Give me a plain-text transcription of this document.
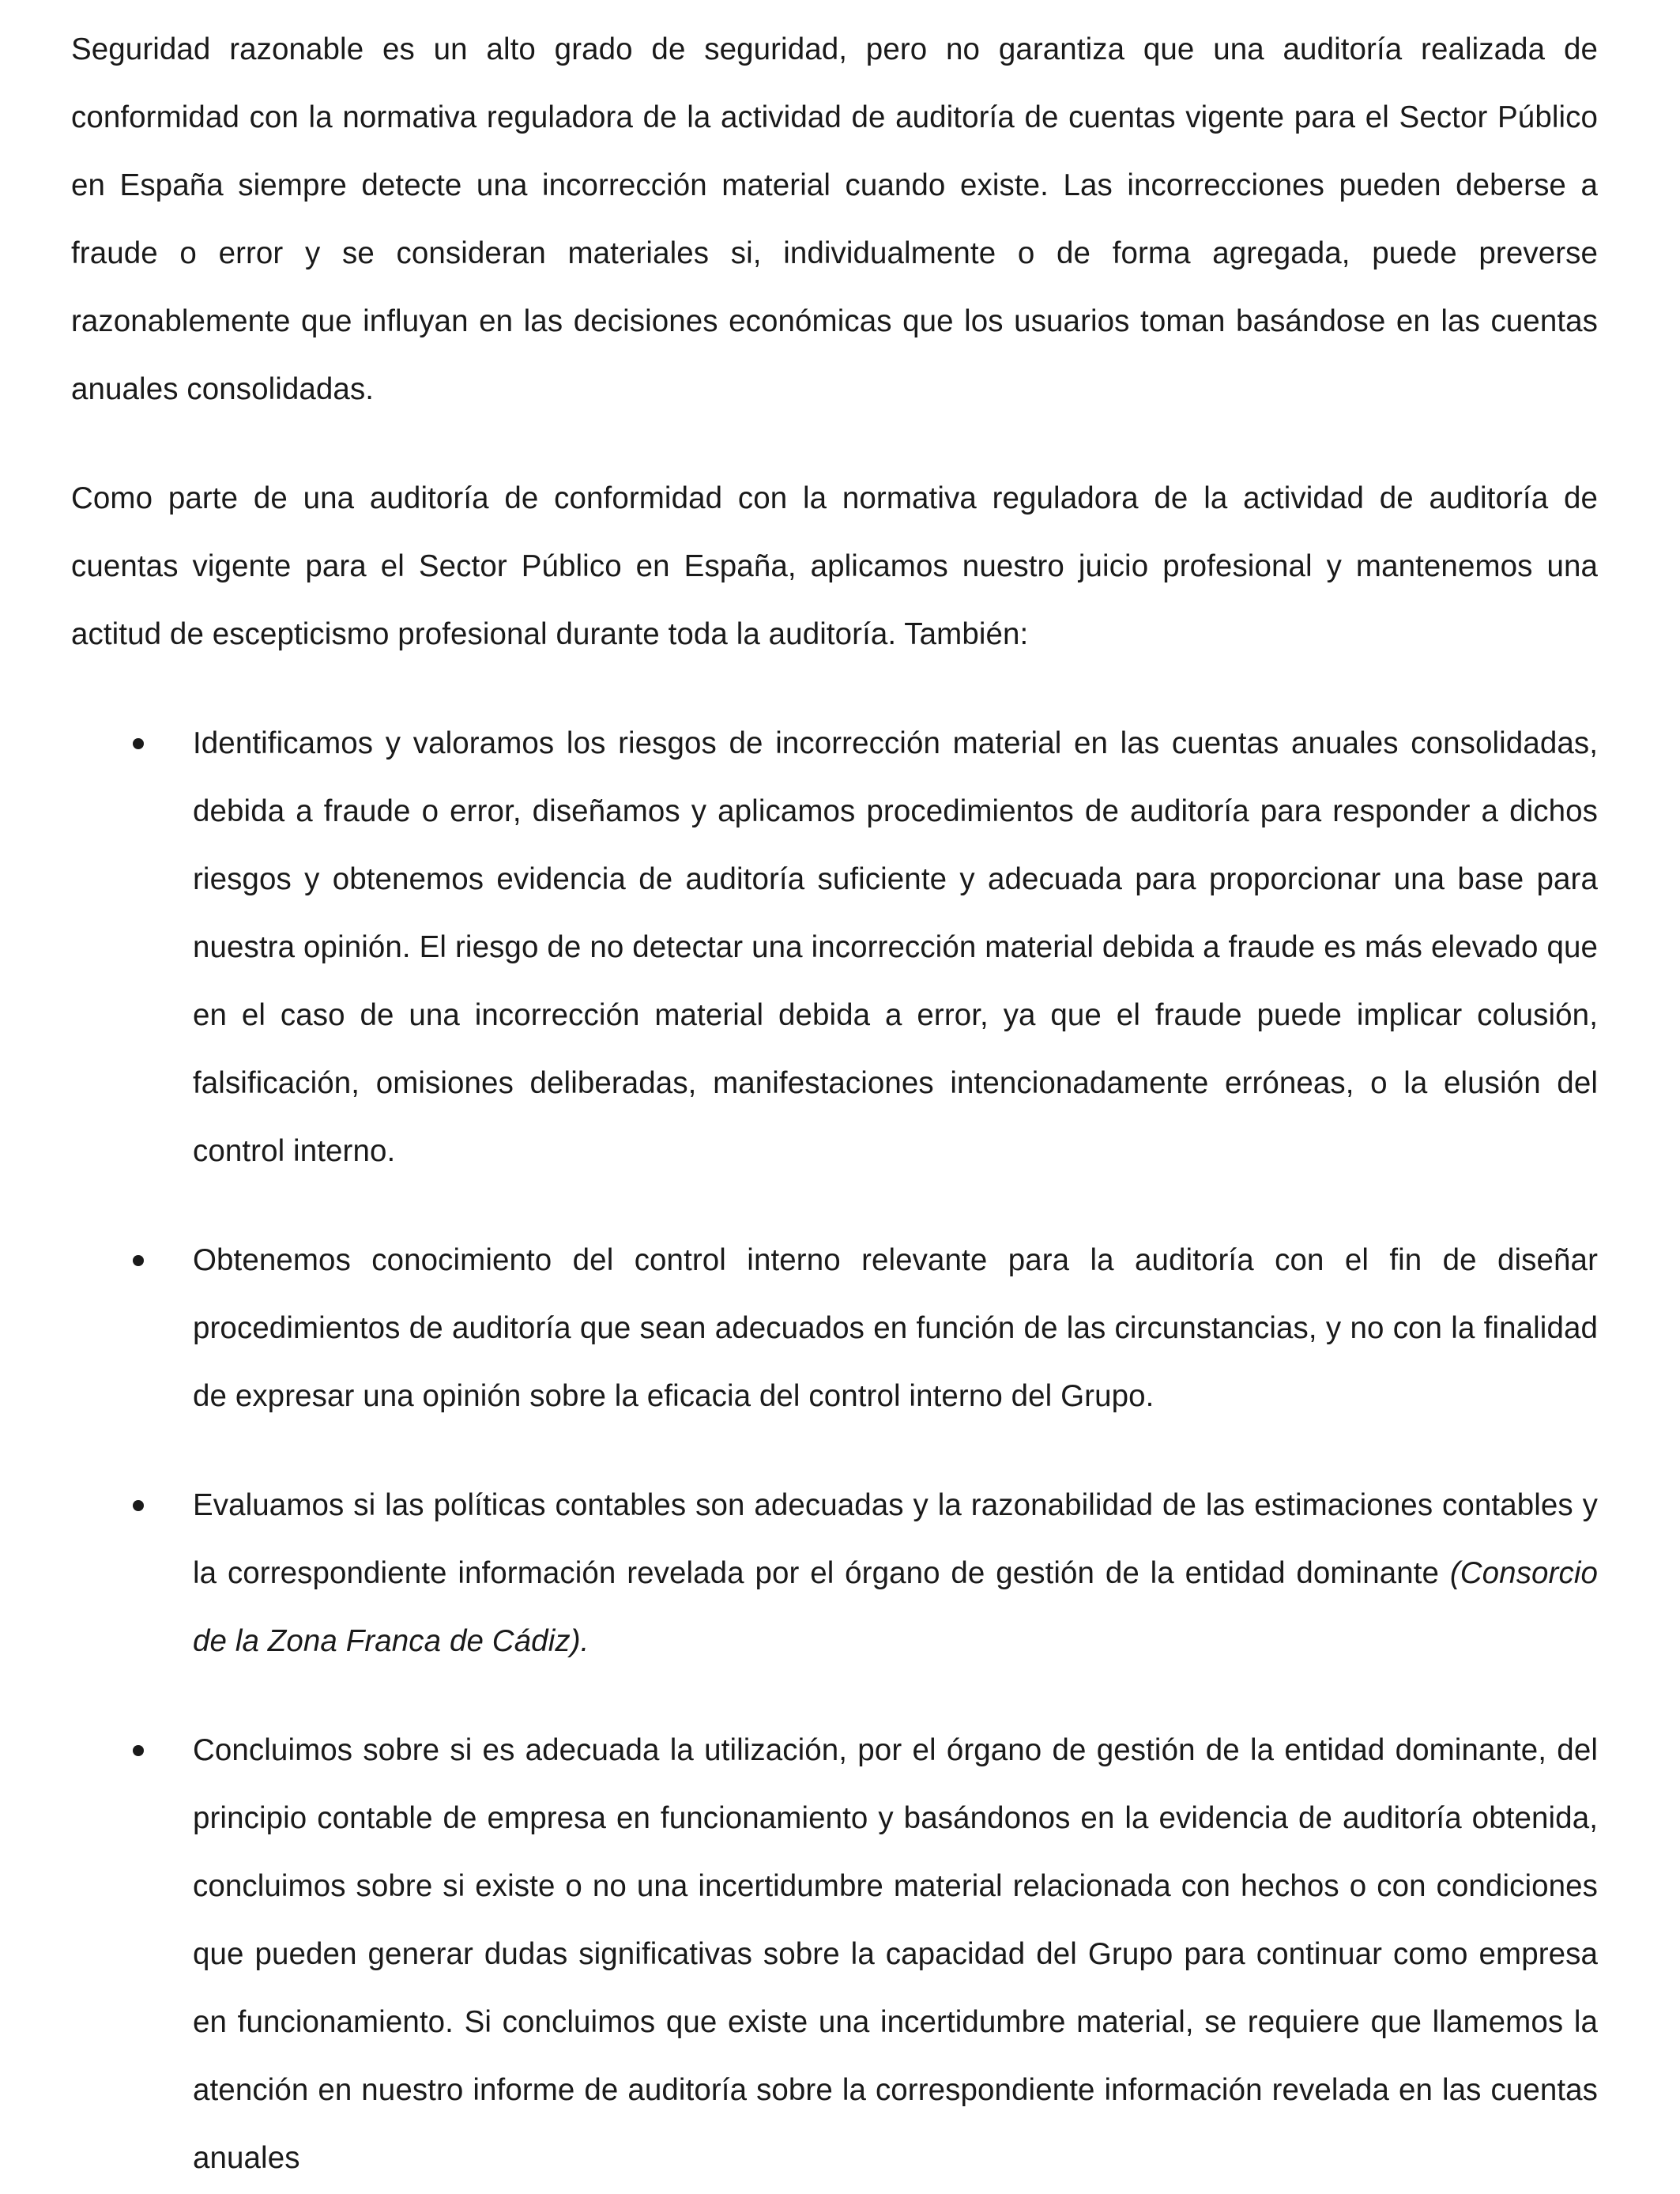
Seguridad razonable es un alto grado de seguridad, pero no garantiza que una auditoría realizada de conformidad con la normativa reguladora de la actividad de auditoría de cuentas vigente para el Sector Público en España siempre detecte una incorrección material cuando existe. Las incorrecciones pueden deberse a fraude o error y se consideran materiales si, individualmente o de forma agregada, puede preverse razonablemente que influyan en las decisiones económicas que los usuarios toman basándose en las cuentas anuales consolidadas.

Como parte de una auditoría de conformidad con la normativa reguladora de la actividad de auditoría de cuentas vigente para el Sector Público en España, aplicamos nuestro juicio profesional y mantenemos una actitud de escepticismo profesional durante toda la auditoría. También:

Identificamos y valoramos los riesgos de incorrección material en las cuentas anuales consolidadas, debida a fraude o error, diseñamos y aplicamos procedimientos de auditoría para responder a dichos riesgos y obtenemos evidencia de auditoría suficiente y adecuada para proporcionar una base para nuestra opinión. El riesgo de no detectar una incorrección material debida a fraude es más elevado que en el caso de una incorrección material debida a error, ya que el fraude puede implicar colusión, falsificación, omisiones deliberadas, manifestaciones intencionadamente erróneas, o la elusión del control interno.
Obtenemos conocimiento del control interno relevante para la auditoría con el fin de diseñar procedimientos de auditoría que sean adecuados en función de las circunstancias, y no con la finalidad de expresar una opinión sobre la eficacia del control interno del Grupo.
Evaluamos si las políticas contables son adecuadas y la razonabilidad de las estimaciones contables y la correspondiente información revelada por el órgano de gestión de la entidad dominante (Consorcio de la Zona Franca de Cádiz).
Concluimos sobre si es adecuada la utilización, por el órgano de gestión de la entidad dominante, del principio contable de empresa en funcionamiento y basándonos en la evidencia de auditoría obtenida, concluimos sobre si existe o no una incertidumbre material relacionada con hechos o con condiciones que pueden generar dudas significativas sobre la capacidad del Grupo para continuar como empresa en funcionamiento. Si concluimos que existe una incertidumbre material, se requiere que llamemos la atención en nuestro informe de auditoría sobre la correspondiente información revelada en las cuentas anuales
